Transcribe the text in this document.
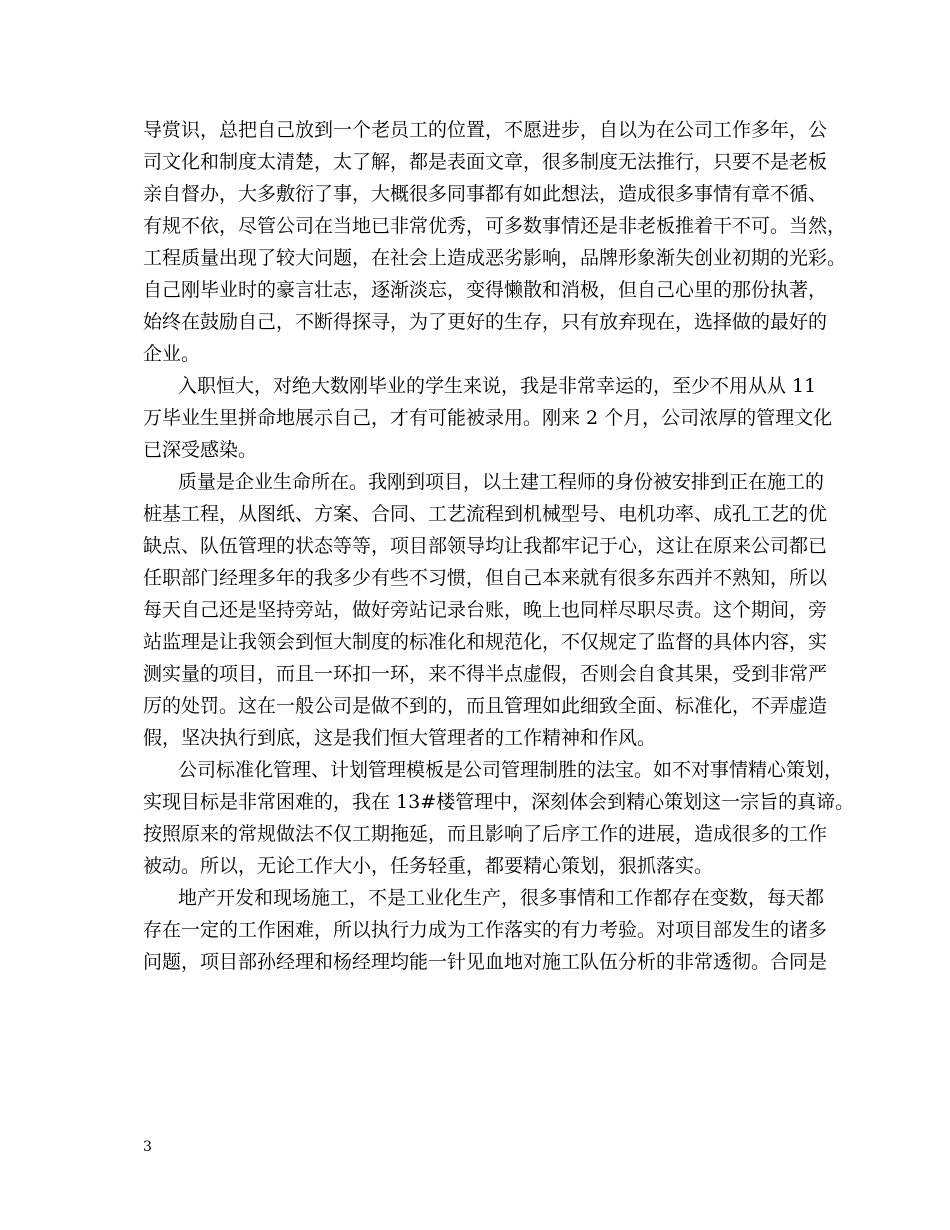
导赏识，总把自己放到一个老员工的位置，不愿进步，自以为在公司工作多年，公
司文化和制度太清楚，太了解，都是表面文章，很多制度无法推行，只要不是老板
亲自督办，大多敷衍了事，大概很多同事都有如此想法，造成很多事情有章不循、
有规不依，尽管公司在当地已非常优秀，可多数事情还是非老板推着干不可。当然，
工程质量出现了较大问题，在社会上造成恶劣影响，品牌形象渐失创业初期的光彩。
自己刚毕业时的豪言壮志，逐渐淡忘，变得懒散和消极，但自己心里的那份执著，
始终在鼓励自己，不断得探寻，为了更好的生存，只有放弃现在，选择做的最好的
企业。
入职恒大，对绝大数刚毕业的学生来说，我是非常幸运的，至少不用从从 11
万毕业生里拼命地展示自己，才有可能被录用。刚来 2 个月，公司浓厚的管理文化
已深受感染。
质量是企业生命所在。我刚到项目，以土建工程师的身份被安排到正在施工的
桩基工程，从图纸、方案、合同、工艺流程到机械型号、电机功率、成孔工艺的优
缺点、队伍管理的状态等等，项目部领导均让我都牢记于心，这让在原来公司都已
任职部门经理多年的我多少有些不习惯，但自己本来就有很多东西并不熟知，所以
每天自己还是坚持旁站，做好旁站记录台账，晚上也同样尽职尽责。这个期间，旁
站监理是让我领会到恒大制度的标准化和规范化，不仅规定了监督的具体内容，实
测实量的项目，而且一环扣一环，来不得半点虚假，否则会自食其果，受到非常严
厉的处罚。这在一般公司是做不到的，而且管理如此细致全面、标准化，不弄虚造
假，坚决执行到底，这是我们恒大管理者的工作精神和作风。
公司标准化管理、计划管理模板是公司管理制胜的法宝。如不对事情精心策划，
实现目标是非常困难的，我在 13#楼管理中，深刻体会到精心策划这一宗旨的真谛。
按照原来的常规做法不仅工期拖延，而且影响了后序工作的进展，造成很多的工作
被动。所以，无论工作大小，任务轻重，都要精心策划，狠抓落实。
地产开发和现场施工，不是工业化生产，很多事情和工作都存在变数，每天都
存在一定的工作困难，所以执行力成为工作落实的有力考验。对项目部发生的诸多
问题，项目部孙经理和杨经理均能一针见血地对施工队伍分析的非常透彻。合同是
3
